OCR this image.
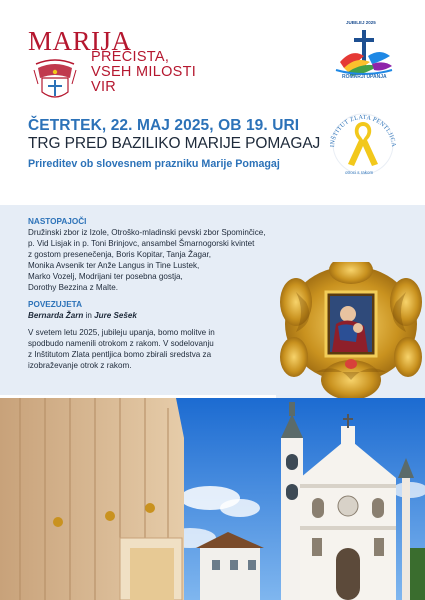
MARIJA
PREČISTA,
VSEH MILOSTI
VIR
JUBILEJ 2025
ROMARJI UPANJA
INŠTITUT ZLATA PENTLJICA
otroci s rakom
ČETRTEK, 22. MAJ 2025, OB 19. URI
TRG PRED BAZILIKO MARIJE POMAGAJ
Prireditev ob slovesnem prazniku Marije Pomagaj
NASTOPAJOČI

Družinski zbor iz Izole, Otroško-mladinski pevski zbor Spominčice,

p. Vid Lisjak in p. Toni Brinjovc, ansambel Šmarnogorski kvintet

z gostom presenečenja, Boris Kopitar, Tanja Žagar,

Monika Avsenik ter Anže Langus in Tine Lustek,

Marko Vozelj, Modrijani ter posebna gostja,

Dorothy Bezzina z Malte.

POVEZUJETA

Bernarda Žarn in Jure Sešek

V svetem letu 2025, jubileju upanja, bomo molitve in

spodbudo namenili otrokom z rakom. V sodelovanju

z Inštitutom Zlata pentljica bomo zbirali sredstva za

izobraževanje otrok z rakom.
